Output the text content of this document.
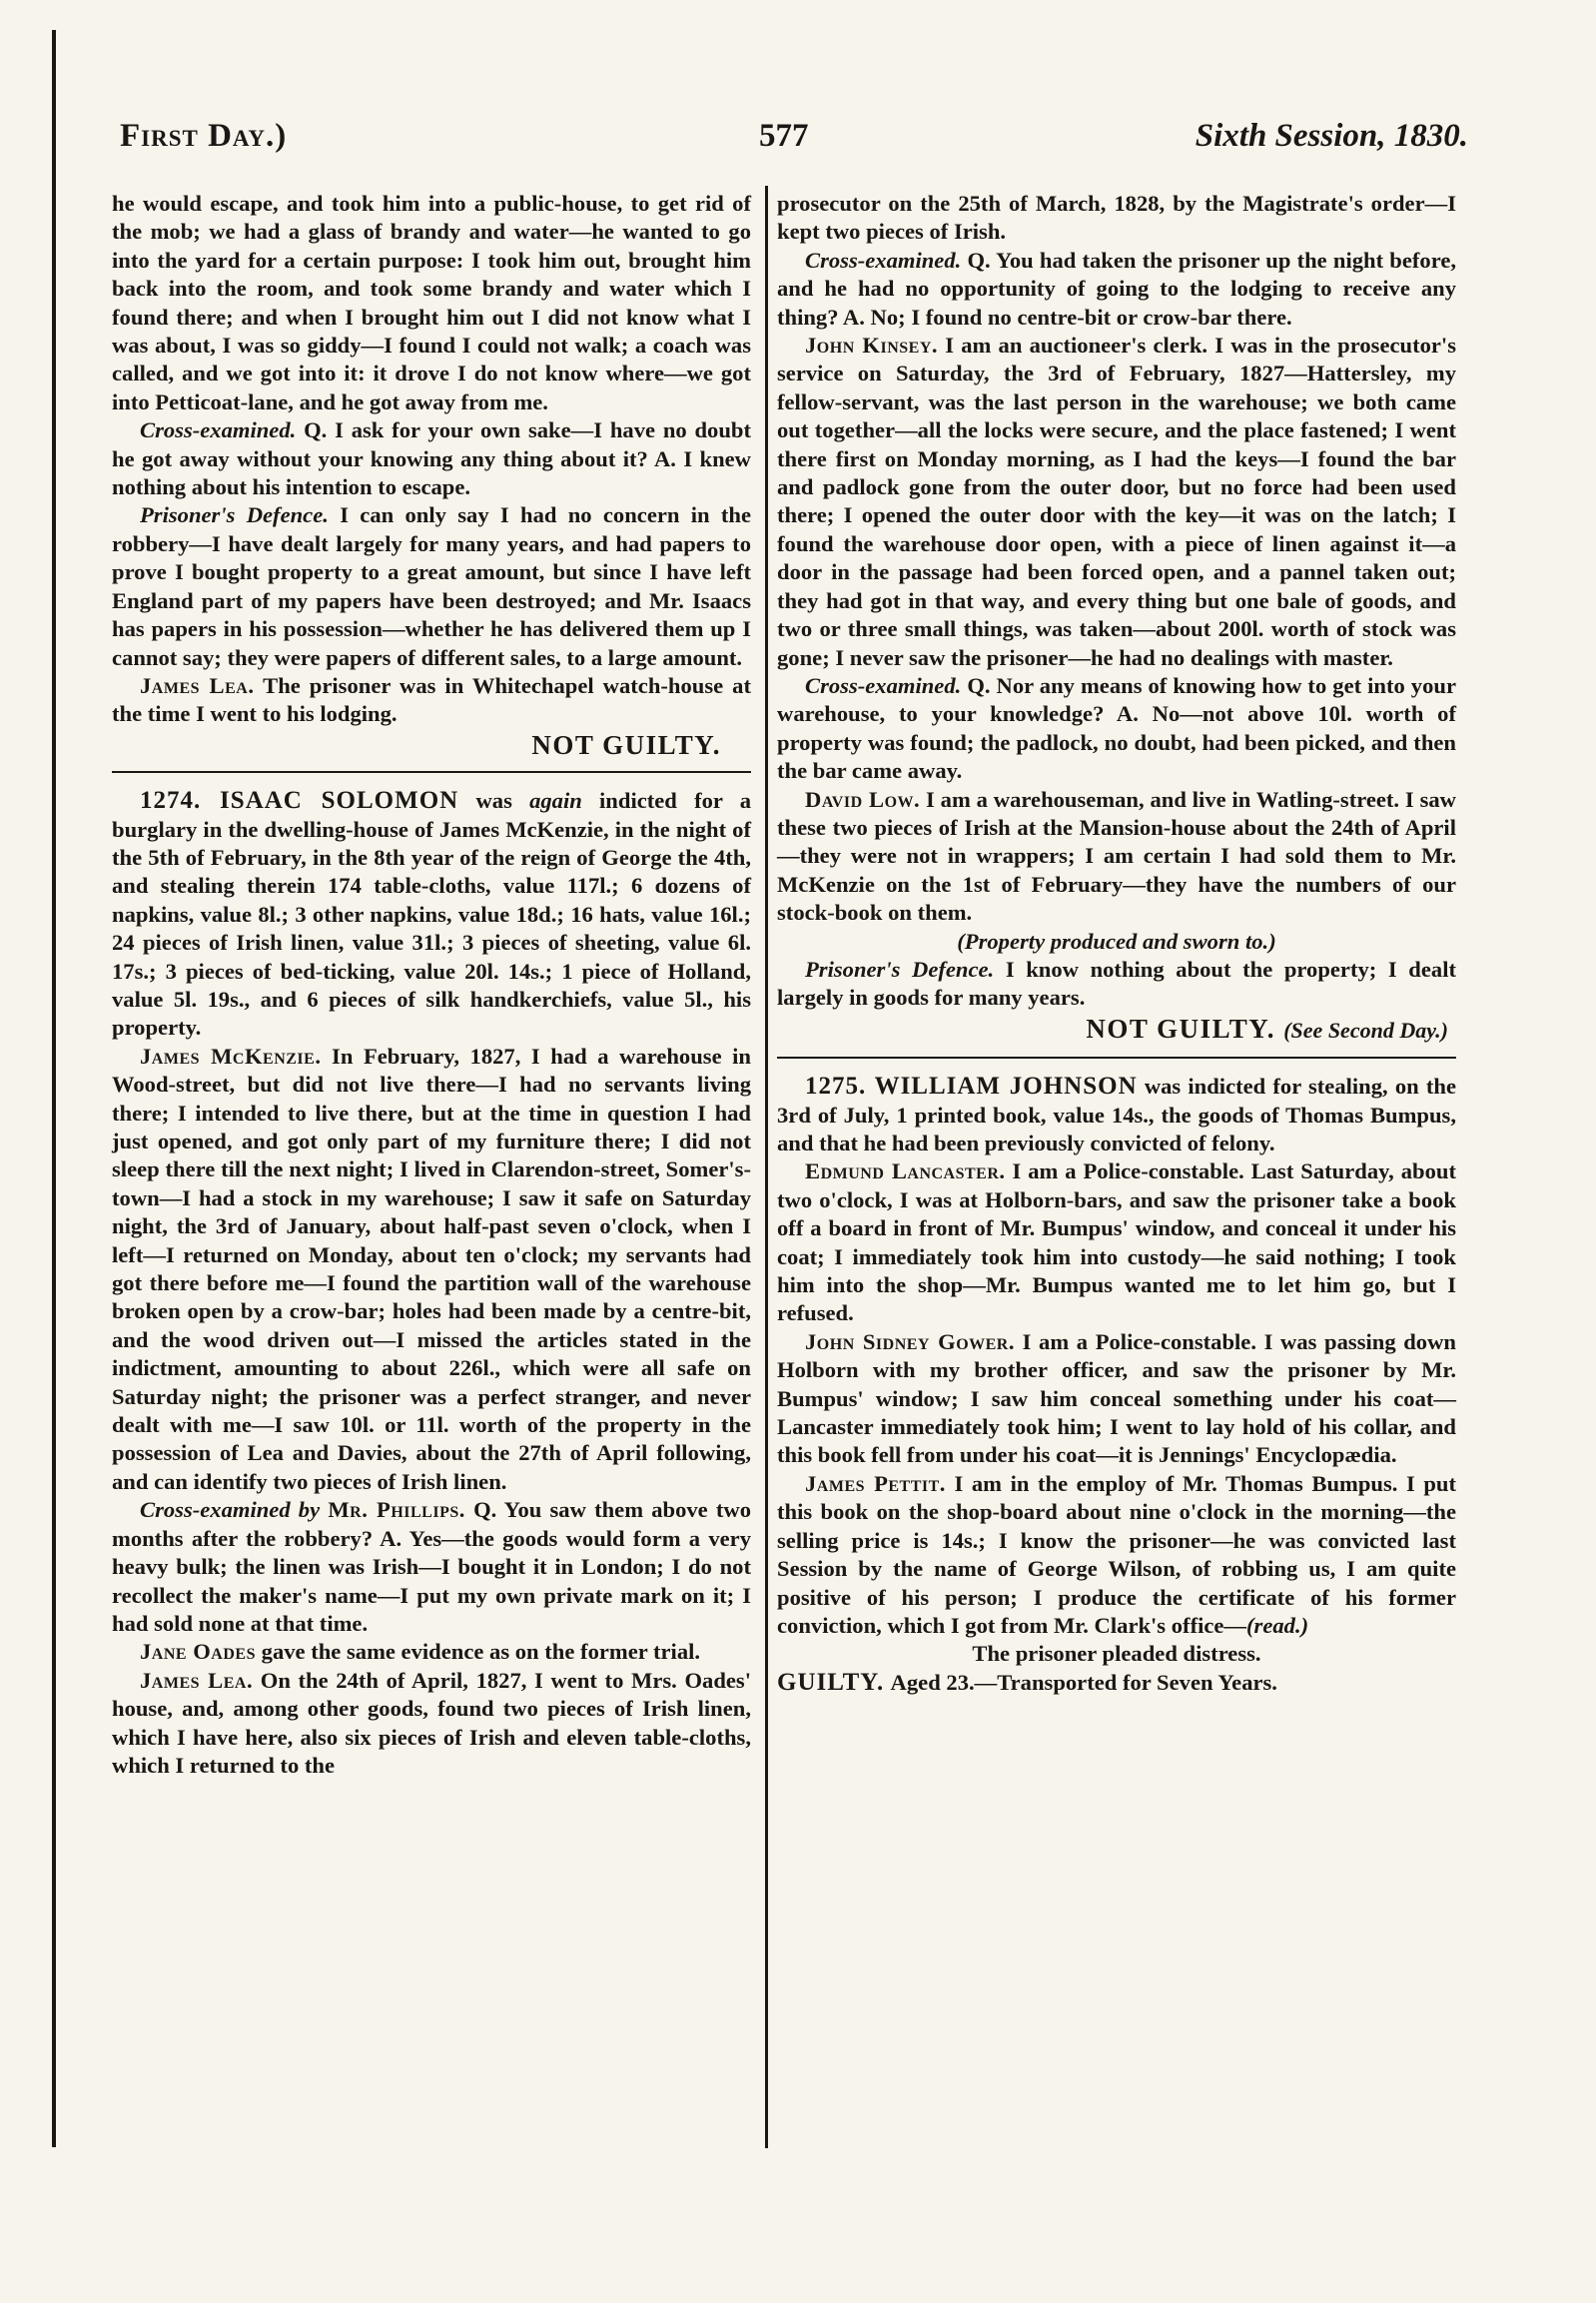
First Day.)	577	Sixth Session, 1830.

he would escape, and took him into a public-house, to get rid of the mob; we had a glass of brandy and water—he wanted to go into the yard for a certain purpose: I took him out, brought him back into the room, and took some brandy and water which I found there; and when I brought him out I did not know what I was about, I was so giddy—I found I could not walk; a coach was called, and we got into it: it drove I do not know where—we got into Petticoat-lane, and he got away from me.

Cross-examined. Q. I ask for your own sake—I have no doubt he got away without your knowing any thing about it? A. I knew nothing about his intention to escape.

Prisoner's Defence. I can only say I had no concern in the robbery—I have dealt largely for many years, and had papers to prove I bought property to a great amount, but since I have left England part of my papers have been destroyed; and Mr. Isaacs has papers in his possession—whether he has delivered them up I cannot say; they were papers of different sales, to a large amount.

James Lea. The prisoner was in Whitechapel watch-house at the time I went to his lodging.

NOT GUILTY.

1274. ISAAC SOLOMON was again indicted for a burglary in the dwelling-house of James McKenzie, in the night of the 5th of February, in the 8th year of the reign of George the 4th, and stealing therein 174 table-cloths, value 117l.; 6 dozens of napkins, value 8l.; 3 other napkins, value 18d.; 16 hats, value 16l.; 24 pieces of Irish linen, value 31l.; 3 pieces of sheeting, value 6l. 17s.; 3 pieces of bed-ticking, value 20l. 14s.; 1 piece of Holland, value 5l. 19s., and 6 pieces of silk handkerchiefs, value 5l., his property.

James McKenzie. In February, 1827, I had a warehouse in Wood-street, but did not live there—I had no servants living there; I intended to live there, but at the time in question I had just opened, and got only part of my furniture there; I did not sleep there till the next night; I lived in Clarendon-street, Somer's-town—I had a stock in my warehouse; I saw it safe on Saturday night, the 3rd of January, about half-past seven o'clock, when I left—I returned on Monday, about ten o'clock; my servants had got there before me—I found the partition wall of the warehouse broken open by a crow-bar; holes had been made by a centre-bit, and the wood driven out—I missed the articles stated in the indictment, amounting to about 226l., which were all safe on Saturday night; the prisoner was a perfect stranger, and never dealt with me—I saw 10l. or 11l. worth of the property in the possession of Lea and Davies, about the 27th of April following, and can identify two pieces of Irish linen.

Cross-examined by Mr. Phillips. Q. You saw them above two months after the robbery? A. Yes—the goods would form a very heavy bulk; the linen was Irish—I bought it in London; I do not recollect the maker's name—I put my own private mark on it; I had sold none at that time.

Jane Oades gave the same evidence as on the former trial.

James Lea. On the 24th of April, 1827, I went to Mrs. Oades' house, and, among other goods, found two pieces of Irish linen, which I have here, also six pieces of Irish and eleven table-cloths, which I returned to the

prosecutor on the 25th of March, 1828, by the Magistrate's order—I kept two pieces of Irish.

Cross-examined. Q. You had taken the prisoner up the night before, and he had no opportunity of going to the lodging to receive any thing? A. No; I found no centre-bit or crow-bar there.

John Kinsey. I am an auctioneer's clerk. I was in the prosecutor's service on Saturday, the 3rd of February, 1827—Hattersley, my fellow-servant, was the last person in the warehouse; we both came out together—all the locks were secure, and the place fastened; I went there first on Monday morning, as I had the keys—I found the bar and padlock gone from the outer door, but no force had been used there; I opened the outer door with the key—it was on the latch; I found the warehouse door open, with a piece of linen against it—a door in the passage had been forced open, and a pannel taken out; they had got in that way, and every thing but one bale of goods, and two or three small things, was taken—about 200l. worth of stock was gone; I never saw the prisoner—he had no dealings with master.

Cross-examined. Q. Nor any means of knowing how to get into your warehouse, to your knowledge? A. No—not above 10l. worth of property was found; the padlock, no doubt, had been picked, and then the bar came away.

David Low. I am a warehouseman, and live in Watling-street. I saw these two pieces of Irish at the Mansion-house about the 24th of April—they were not in wrappers; I am certain I had sold them to Mr. McKenzie on the 1st of February—they have the numbers of our stock-book on them.

(Property produced and sworn to.)

Prisoner's Defence. I know nothing about the property; I dealt largely in goods for many years.

NOT GUILTY. (See Second Day.)

1275. WILLIAM JOHNSON was indicted for stealing, on the 3rd of July, 1 printed book, value 14s., the goods of Thomas Bumpus, and that he had been previously convicted of felony.

Edmund Lancaster. I am a Police-constable. Last Saturday, about two o'clock, I was at Holborn-bars, and saw the prisoner take a book off a board in front of Mr. Bumpus' window, and conceal it under his coat; I immediately took him into custody—he said nothing; I took him into the shop—Mr. Bumpus wanted me to let him go, but I refused.

John Sidney Gower. I am a Police-constable. I was passing down Holborn with my brother officer, and saw the prisoner by Mr. Bumpus' window; I saw him conceal something under his coat—Lancaster immediately took him; I went to lay hold of his collar, and this book fell from under his coat—it is Jennings' Encyclopædia.

James Pettit. I am in the employ of Mr. Thomas Bumpus. I put this book on the shop-board about nine o'clock in the morning—the selling price is 14s.; I know the prisoner—he was convicted last Session by the name of George Wilson, of robbing us, I am quite positive of his person; I produce the certificate of his former conviction, which I got from Mr. Clark's office—(read.)

The prisoner pleaded distress.

GUILTY. Aged 23.—Transported for Seven Years.
